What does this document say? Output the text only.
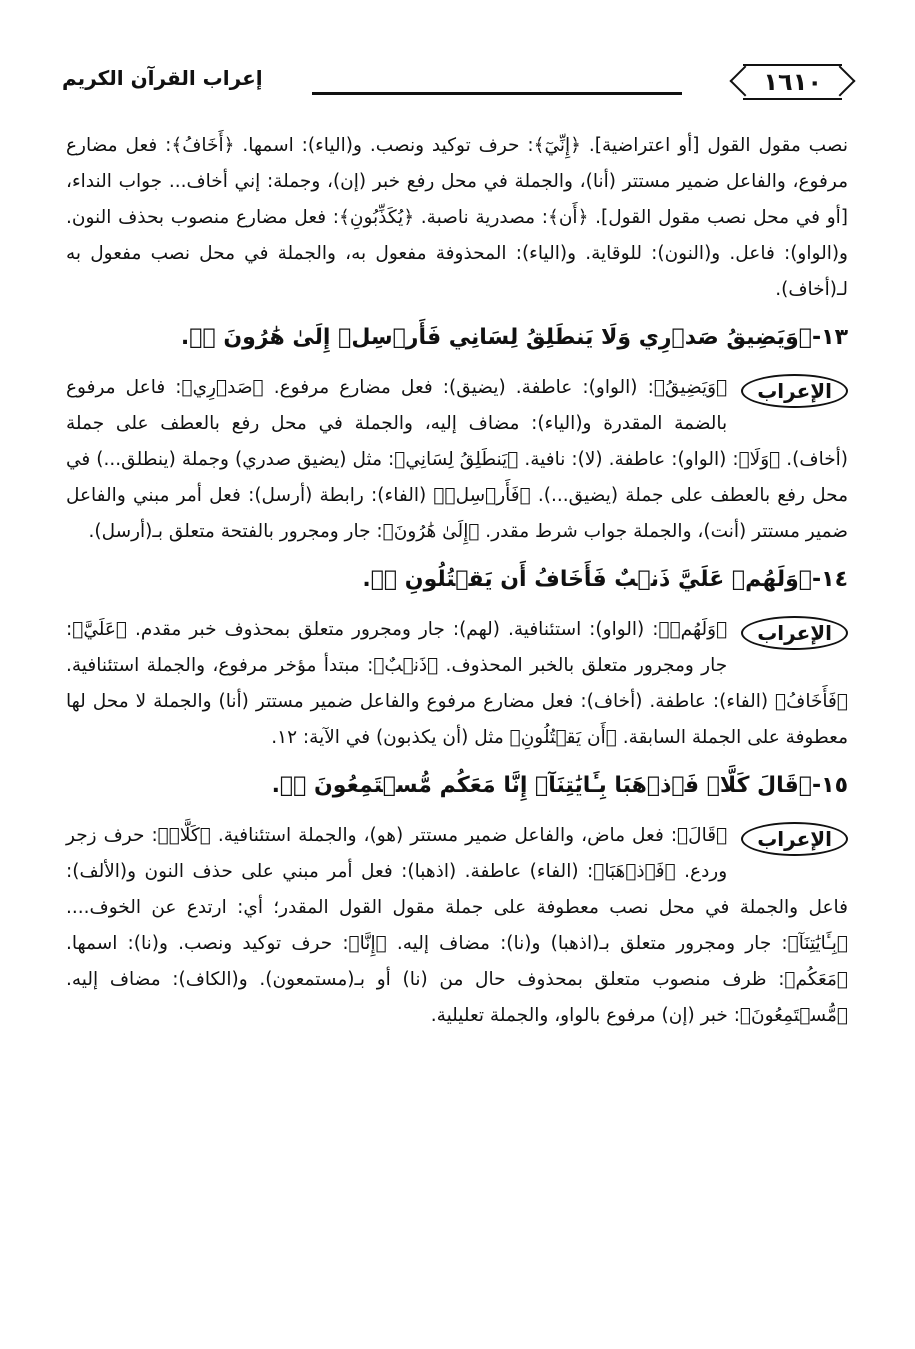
١٦١٠
إعراب القرآن الكريم

نصب مقول القول [أو اعتراضية]. ﴿إِنِّيٓ﴾: حرف توكيد ونصب. و(الياء): اسمها. ﴿أَخَافُ﴾: فعل مضارع مرفوع، والفاعل ضمير مستتر (أنا)، والجملة في محل رفع خبر (إن)، وجملة: إني أخاف... جواب النداء، [أو في محل نصب مقول القول]. ﴿أَن﴾: مصدرية ناصبة. ﴿يُكَذِّبُونِ﴾: فعل مضارع منصوب بحذف النون. و(الواو): فاعل. و(النون): للوقاية. و(الياء): المحذوفة مفعول به، والجملة في محل نصب مفعول به لـ(أخاف).

١٣-﴿وَيَضِيقُ صَدۡرِي وَلَا يَنطَلِقُ لِسَانِي فَأَرۡسِلۡ إِلَىٰ هَٰرُونَ ⑬﴾.

الإعراب
﴿وَيَضِيقُ﴾: (الواو): عاطفة. (يضيق): فعل مضارع مرفوع. ﴿صَدۡرِي﴾: فاعل مرفوع بالضمة المقدرة و(الياء): مضاف إليه، والجملة في محل رفع بالعطف على جملة (أخاف). ﴿وَلَا﴾: (الواو): عاطفة. (لا): نافية. ﴿يَنطَلِقُ لِسَانِي﴾: مثل (يضيق صدري) وجملة (ينطلق...) في محل رفع بالعطف على جملة (يضيق...). ﴿فَأَرۡسِلۡ﴾ (الفاء): رابطة (أرسل): فعل أمر مبني والفاعل ضمير مستتر (أنت)، والجملة جواب شرط مقدر. ﴿إِلَىٰ هَٰرُونَ﴾: جار ومجرور بالفتحة متعلق بـ(أرسل).

١٤-﴿وَلَهُمۡ عَلَيَّ ذَنۢبٌ فَأَخَافُ أَن يَقۡتُلُونِ ⑭﴾.

الإعراب
﴿وَلَهُمۡ﴾: (الواو): استئنافية. (لهم): جار ومجرور متعلق بمحذوف خبر مقدم. ﴿عَلَيَّ﴾: جار ومجرور متعلق بالخبر المحذوف. ﴿ذَنۢبٌ﴾: مبتدأ مؤخر مرفوع، والجملة استئنافية. ﴿فَأَخَافُ﴾ (الفاء): عاطفة. (أخاف): فعل مضارع مرفوع والفاعل ضمير مستتر (أنا) والجملة لا محل لها معطوفة على الجملة السابقة. ﴿أَن يَقۡتُلُونِ﴾ مثل (أن يكذبون) في الآية: ١٢.

١٥-﴿قَالَ كَلَّاۖ فَٱذۡهَبَا بِـَٔايَٰتِنَآۖ إِنَّا مَعَكُم مُّسۡتَمِعُونَ ⑮﴾.

الإعراب
﴿قَالَ﴾: فعل ماض، والفاعل ضمير مستتر (هو)، والجملة استئنافية. ﴿كَلَّاۖ﴾: حرف زجر وردع. ﴿فَٱذۡهَبَا﴾: (الفاء) عاطفة. (اذهبا): فعل أمر مبني على حذف النون و(الألف): فاعل والجملة في محل نصب معطوفة على جملة مقول القول المقدر؛ أي: ارتدع عن الخوف.... ﴿بِـَٔايَٰتِنَآ﴾: جار ومجرور متعلق بـ(اذهبا) و(نا): مضاف إليه. ﴿إِنَّا﴾: حرف توكيد ونصب. و(نا): اسمها. ﴿مَعَكُم﴾: ظرف منصوب متعلق بمحذوف حال من (نا) أو بـ(مستمعون). و(الكاف): مضاف إليه. ﴿مُّسۡتَمِعُونَ﴾: خبر (إن) مرفوع بالواو، والجملة تعليلية.
